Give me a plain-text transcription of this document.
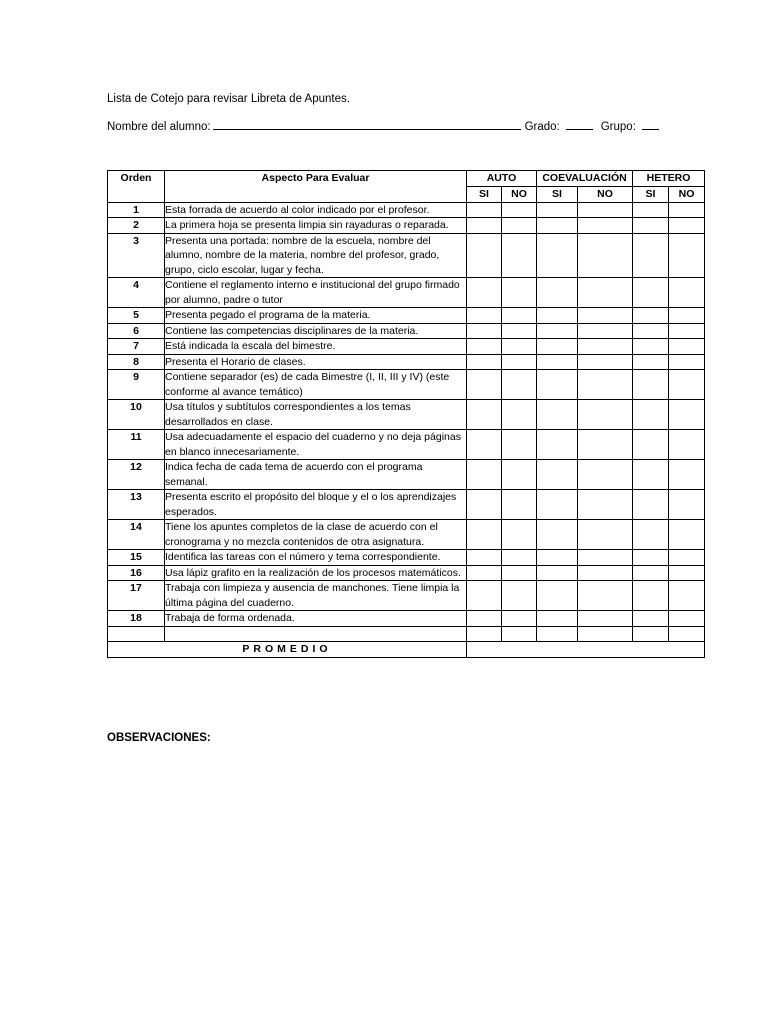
Lista de Cotejo para revisar Libreta de Apuntes.
Nombre del alumno:	Grado:	Grupo:
Orden	Aspecto Para Evaluar	AUTO		COEVALUACIÓN		HETERO	
		SI	NO	SI	NO	SI	NO
1	Esta forrada de acuerdo al color indicado por el profesor.						
2	La primera hoja se presenta limpia sin rayaduras o reparada.						
3	Presenta una portada: nombre de la escuela, nombre del alumno, nombre de la materia, nombre del profesor, grado, grupo, ciclo escolar, lugar y fecha.						
4	Contiene el reglamento interno e institucional del grupo firmado por alumno, padre o tutor						
5	Presenta pegado el programa de la materia.						
6	Contiene las competencias disciplinares de la materia.						
7	Está indicada la escala del bimestre.						
8	Presenta el Horario de clases.						
9	Contiene separador (es) de cada Bimestre (I, II, III y IV) (este conforme al avance temático)						
10	Usa títulos y subtítulos correspondientes a los temas desarrollados en clase.						
11	Usa adecuadamente el espacio del cuaderno y no deja páginas en blanco innecesariamente.						
12	Indica fecha de cada tema de acuerdo con el programa semanal.						
13	Presenta escrito el propósito del bloque y el o los aprendizajes esperados.						
14	Tiene los apuntes completos de la clase de acuerdo con el cronograma y no mezcla contenidos de otra asignatura.						
15	Identifica las tareas con el número y tema correspondiente.						
16	Usa lápiz grafito en la realización de los procesos matemáticos.						
17	Trabaja con limpieza y ausencia de manchones. Tiene limpia la última página del cuaderno.						
18	Trabaja de forma ordenada.						

PROMEDIO							
OBSERVACIONES:
